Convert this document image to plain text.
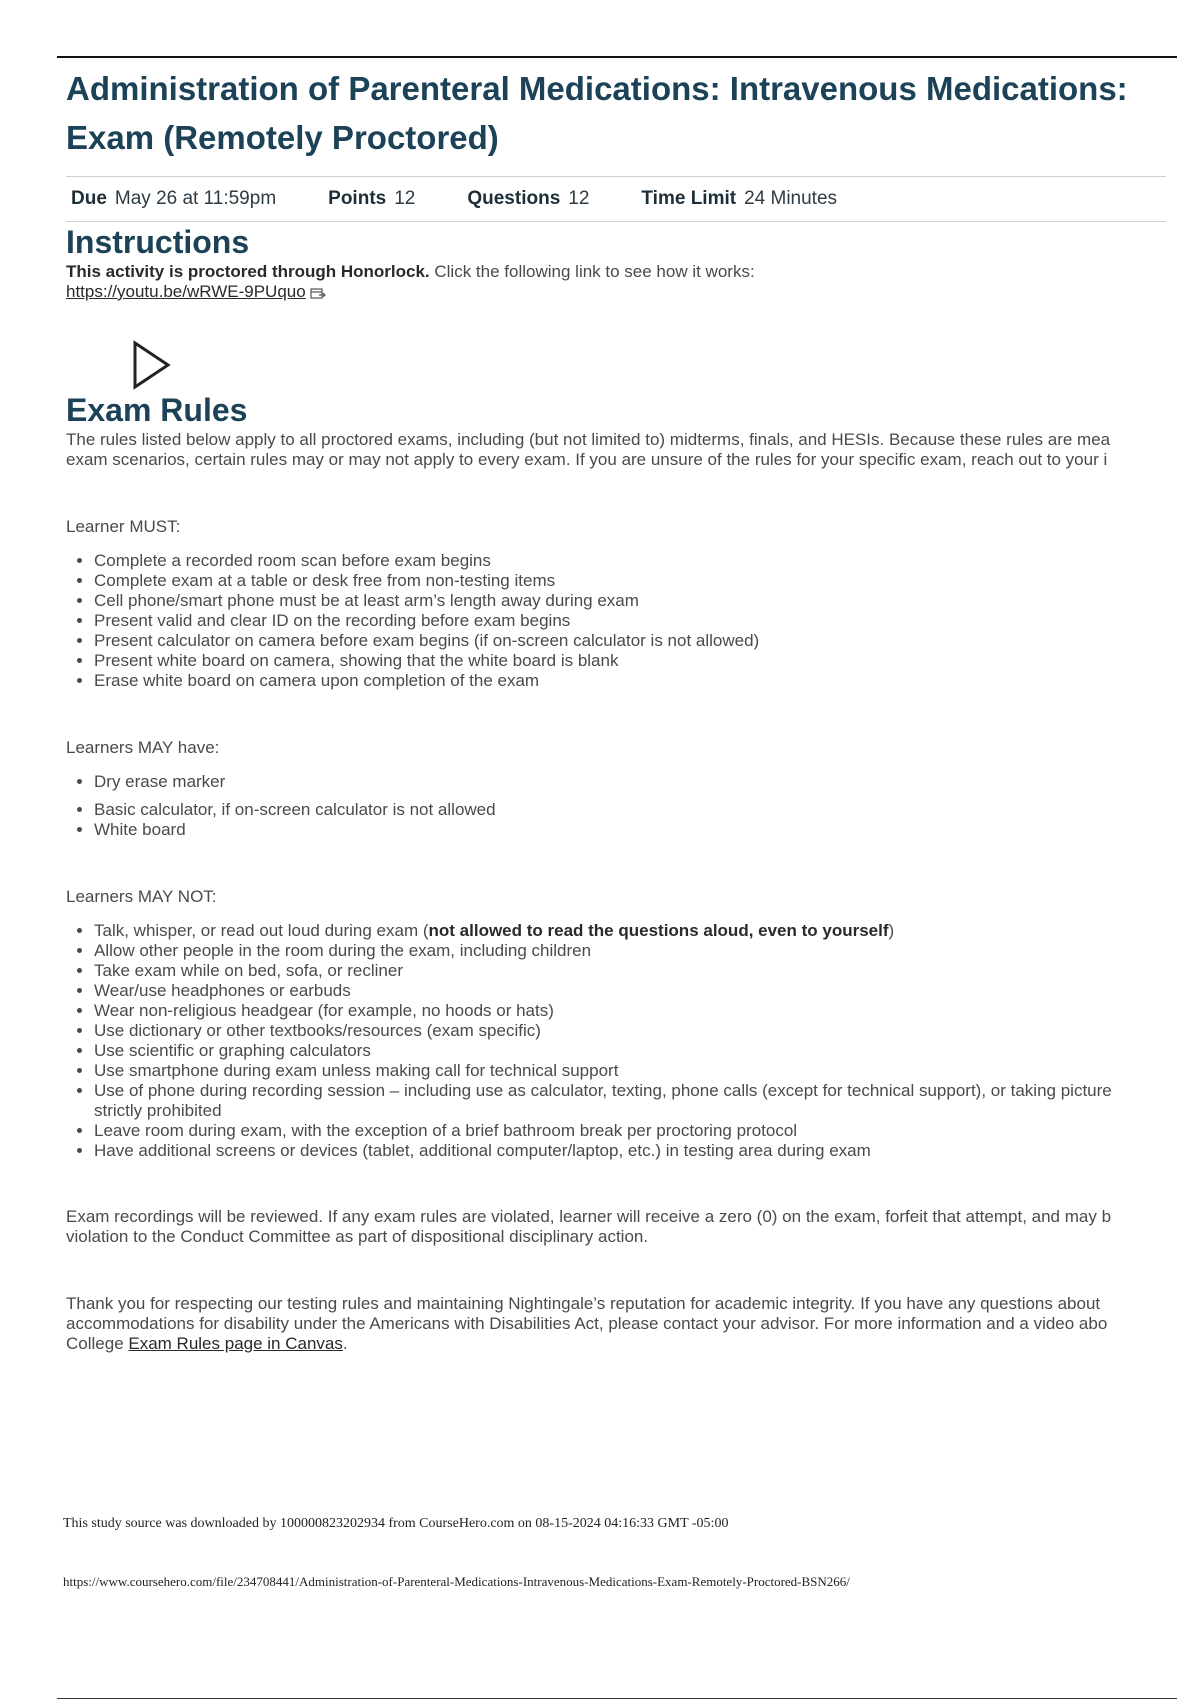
Administration of Parenteral Medications: Intravenous Medications:
Exam (Remotely Proctored)
Due May 26 at 11:59pm	Points 12	Questions 12	Time Limit 24 Minutes
Instructions

This activity is proctored through Honorlock. Click the following link to see how it works:
https://youtu.be/wRWE-9PUquo

Exam Rules

The rules listed below apply to all proctored exams, including (but not limited to) midterms, finals, and HESIs. Because these rules are mea
exam scenarios, certain rules may or may not apply to every exam. If you are unsure of the rules for your specific exam, reach out to your i

Learner MUST:

• Complete a recorded room scan before exam begins
• Complete exam at a table or desk free from non-testing items
• Cell phone/smart phone must be at least arm’s length away during exam
• Present valid and clear ID on the recording before exam begins
• Present calculator on camera before exam begins (if on-screen calculator is not allowed)
• Present white board on camera, showing that the white board is blank
• Erase white board on camera upon completion of the exam

Learners MAY have:

• Dry erase marker
• Basic calculator, if on-screen calculator is not allowed
• White board

Learners MAY NOT:

• Talk, whisper, or read out loud during exam (not allowed to read the questions aloud, even to yourself)
• Allow other people in the room during the exam, including children
• Take exam while on bed, sofa, or recliner
• Wear/use headphones or earbuds
• Wear non-religious headgear (for example, no hoods or hats)
• Use dictionary or other textbooks/resources (exam specific)
• Use scientific or graphing calculators
• Use smartphone during exam unless making call for technical support
• Use of phone during recording session – including use as calculator, texting, phone calls (except for technical support), or taking picture
strictly prohibited
• Leave room during exam, with the exception of a brief bathroom break per proctoring protocol
• Have additional screens or devices (tablet, additional computer/laptop, etc.) in testing area during exam

Exam recordings will be reviewed. If any exam rules are violated, learner will receive a zero (0) on the exam, forfeit that attempt, and may b
violation to the Conduct Committee as part of dispositional disciplinary action.

Thank you for respecting our testing rules and maintaining Nightingale’s reputation for academic integrity. If you have any questions about
accommodations for disability under the Americans with Disabilities Act, please contact your advisor. For more information and a video abo
College Exam Rules page in Canvas.

This study source was downloaded by 100000823202934 from CourseHero.com on 08-15-2024 04:16:33 GMT -05:00
https://www.coursehero.com/file/234708441/Administration-of-Parenteral-Medications-Intravenous-Medications-Exam-Remotely-Proctored-BSN266/
